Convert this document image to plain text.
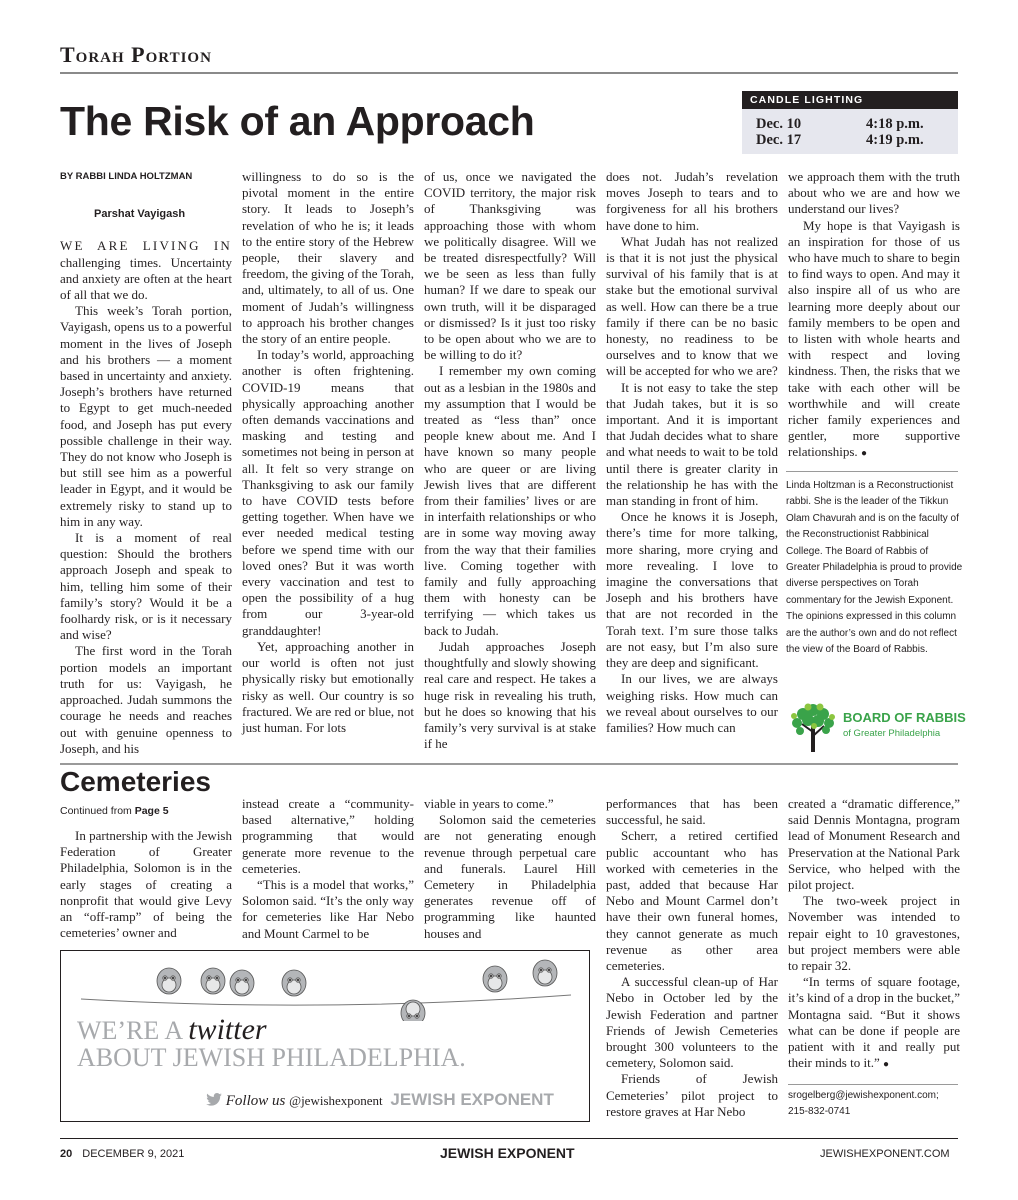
Torah Portion
The Risk of an Approach	CANDLE LIGHTING
Dec. 10	4:18 p.m.
Dec. 17	4:19 p.m.

BY RABBI LINDA HOLTZMAN

Parshat Vayigash

WE ARE LIVING IN challenging times. Uncertainty and anxiety are often at the heart of all that we do.

This week’s Torah portion, Vayigash, opens us to a powerful moment in the lives of Joseph and his brothers — a moment based in uncertainty and anxiety. Joseph’s brothers have returned to Egypt to get much-needed food, and Joseph has put every possible challenge in their way. They do not know who Joseph is but still see him as a powerful leader in Egypt, and it would be extremely risky to stand up to him in any way.

It is a moment of real question: Should the brothers approach Joseph and speak to him, telling him some of their family’s story? Would it be a foolhardy risk, or is it necessary and wise?

The first word in the Torah portion models an important truth for us: Vayigash, he approached. Judah summons the courage he needs and reaches out with genuine openness to Joseph, and his

willingness to do so is the pivotal moment in the entire story. It leads to Joseph’s revelation of who he is; it leads to the entire story of the Hebrew people, their slavery and freedom, the giving of the Torah, and, ultimately, to all of us. One moment of Judah’s willingness to approach his brother changes the story of an entire people.

In today’s world, approaching another is often frightening. COVID-19 means that physically approaching another often demands vaccinations and masking and testing and sometimes not being in person at all. It felt so very strange on Thanksgiving to ask our family to have COVID tests before getting together. When have we ever needed medical testing before we spend time with our loved ones? But it was worth every vaccination and test to open the possibility of a hug from our 3-year-old granddaughter!

Yet, approaching another in our world is often not just physically risky but emotionally risky as well. Our country is so fractured. We are red or blue, not just human. For lots

of us, once we navigated the COVID territory, the major risk of Thanksgiving was approaching those with whom we politically disagree. Will we be treated disrespectfully? Will we be seen as less than fully human? If we dare to speak our own truth, will it be disparaged or dismissed? Is it just too risky to be open about who we are to be willing to do it?

I remember my own coming out as a lesbian in the 1980s and my assumption that I would be treated as “less than” once people knew about me. And I have known so many people who are queer or are living Jewish lives that are different from their families’ lives or are in interfaith relationships or who are in some way moving away from the way that their families live. Coming together with family and fully approaching them with honesty can be terrifying — which takes us back to Judah.

Judah approaches Joseph thoughtfully and slowly showing real care and respect. He takes a huge risk in revealing his truth, but he does so knowing that his family’s very survival is at stake if he

does not. Judah’s revelation moves Joseph to tears and to forgiveness for all his brothers have done to him.

What Judah has not realized is that it is not just the physical survival of his family that is at stake but the emotional survival as well. How can there be a true family if there can be no basic honesty, no readiness to be ourselves and to know that we will be accepted for who we are?

It is not easy to take the step that Judah takes, but it is so important. And it is important that Judah decides what to share and what needs to wait to be told until there is greater clarity in the relationship he has with the man standing in front of him.

Once he knows it is Joseph, there’s time for more talking, more sharing, more crying and more revealing. I love to imagine the conversations that Joseph and his brothers have that are not recorded in the Torah text. I’m sure those talks are not easy, but I’m also sure they are deep and significant.

In our lives, we are always weighing risks. How much can we reveal about ourselves to our families? How much can

we approach them with the truth about who we are and how we understand our lives?

My hope is that Vayigash is an inspiration for those of us who have much to share to begin to find ways to open. And may it also inspire all of us who are learning more deeply about our family members to be open and to listen with whole hearts and with respect and loving kindness. Then, the risks that we take with each other will be worthwhile and will create richer family experiences and gentler, more supportive relationships. ●

Linda Holtzman is a Reconstructionist rabbi. She is the leader of the Tikkun Olam Chavurah and is on the faculty of the Reconstructionist Rabbinical College. The Board of Rabbis of Greater Philadelphia is proud to provide diverse perspectives on Torah commentary for the Jewish Exponent. The opinions expressed in this column are the author’s own and do not reflect the view of the Board of Rabbis.
BOARD OF RABBIS
of Greater Philadelphia
Cemeteries
Continued from Page 5

In partnership with the Jewish Federation of Greater Philadelphia, Solomon is in the early stages of creating a nonprofit that would give Levy an “off-ramp” of being the cemeteries’ owner and

instead create a “community-based alternative,” holding programming that would generate more revenue to the cemeteries.

“This is a model that works,” Solomon said. “It’s the only way for cemeteries like Har Nebo and Mount Carmel to be

viable in years to come.”

Solomon said the cemeteries are not generating enough revenue through perpetual care and funerals. Laurel Hill Cemetery in Philadelphia generates revenue off of programming like haunted houses and

performances that has been successful, he said.

Scherr, a retired certified public accountant who has worked with cemeteries in the past, added that because Har Nebo and Mount Carmel don’t have their own funeral homes, they cannot generate as much revenue as other area cemeteries.

A successful clean-up of Har Nebo in October led by the Jewish Federation and partner Friends of Jewish Cemeteries brought 300 volunteers to the cemetery, Solomon said.

Friends of Jewish Cemeteries’ pilot project to restore graves at Har Nebo

created a “dramatic difference,” said Dennis Montagna, program lead of Monument Research and Preservation at the National Park Service, who helped with the pilot project.

The two-week project in November was intended to repair eight to 10 gravestones, but project members were able to repair 32.

“In terms of square footage, it’s kind of a drop in the bucket,” Montagna said. “But it shows what can be done if people are patient with it and really put their minds to it.” ●

srogelberg@jewishexponent.com;
215-832-0741
WE’RE A twitter
ABOUT JEWISH PHILADELPHIA.
Follow us @jewishexponent JEWISH EXPONENT
20 DECEMBER 9, 2021	JEWISH EXPONENT	JEWISHEXPONENT.COM
